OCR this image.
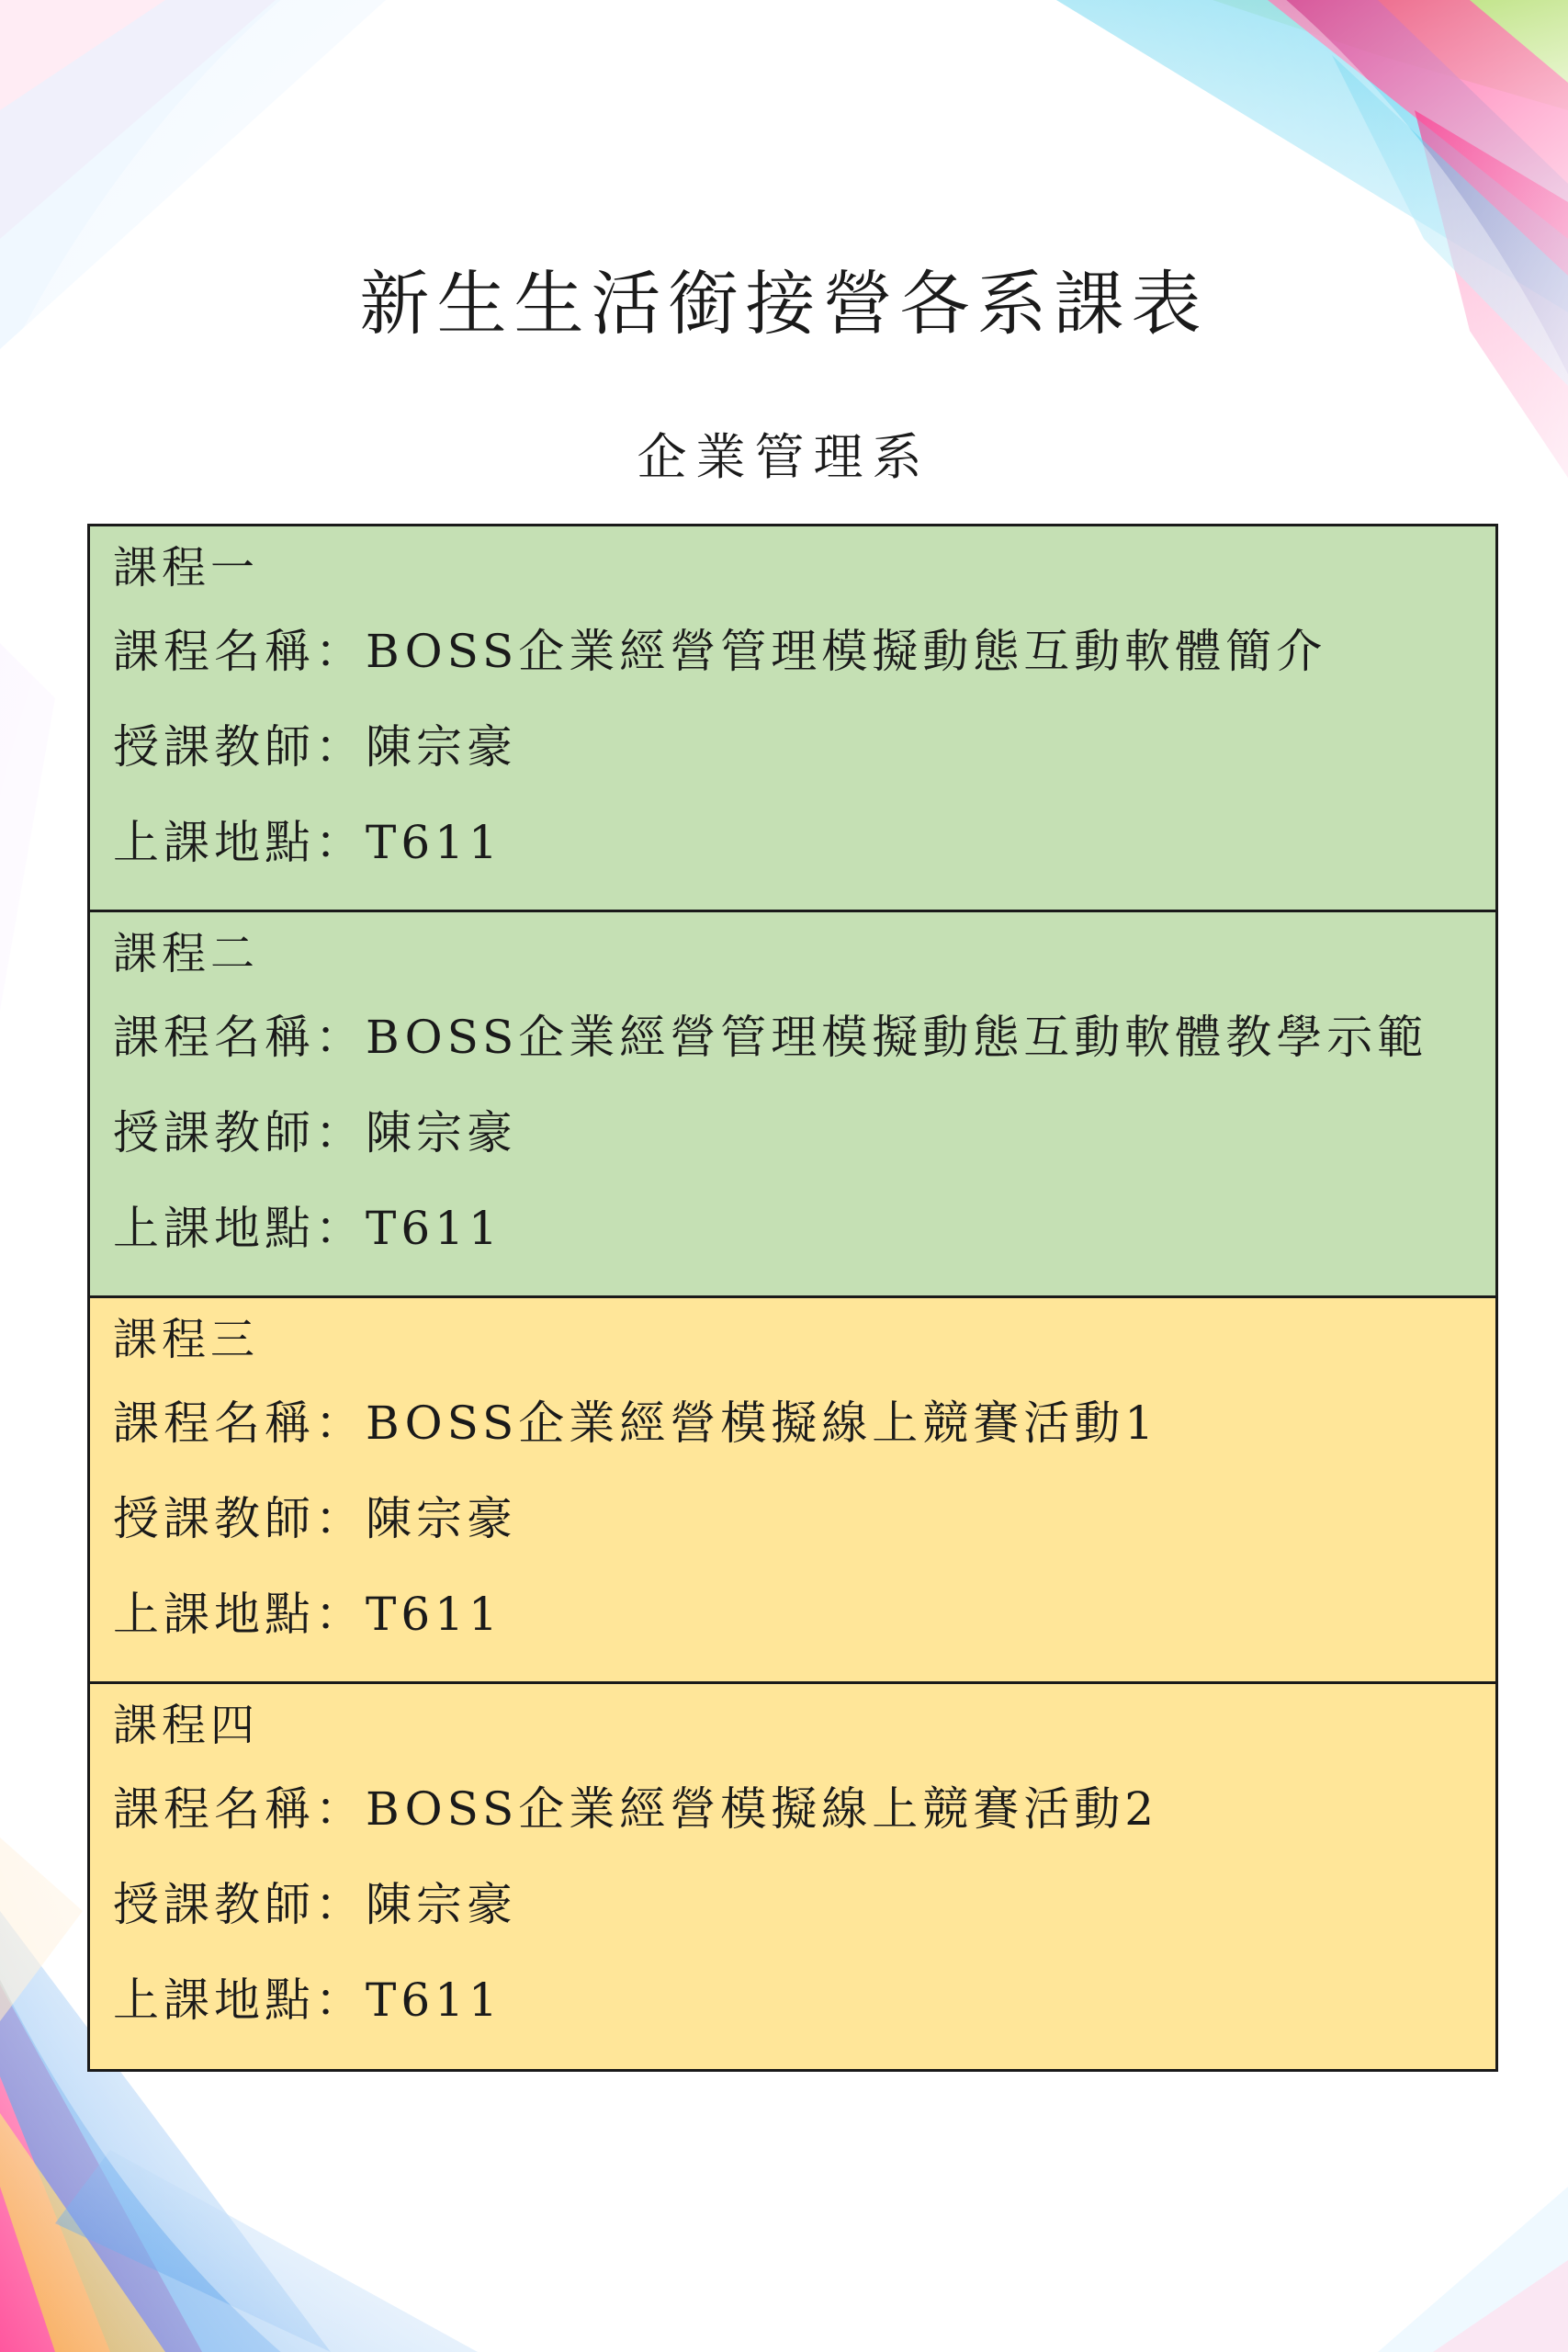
新生生活銜接營各系課表
企業管理系
課程一
課程名稱：BOSS企業經營管理模擬動態互動軟體簡介
授課教師：陳宗豪
上課地點：T611
課程二
課程名稱：BOSS企業經營管理模擬動態互動軟體教學示範
授課教師：陳宗豪
上課地點：T611
課程三
課程名稱：BOSS企業經營模擬線上競賽活動1
授課教師：陳宗豪
上課地點：T611
課程四
課程名稱：BOSS企業經營模擬線上競賽活動2
授課教師：陳宗豪
上課地點：T611
